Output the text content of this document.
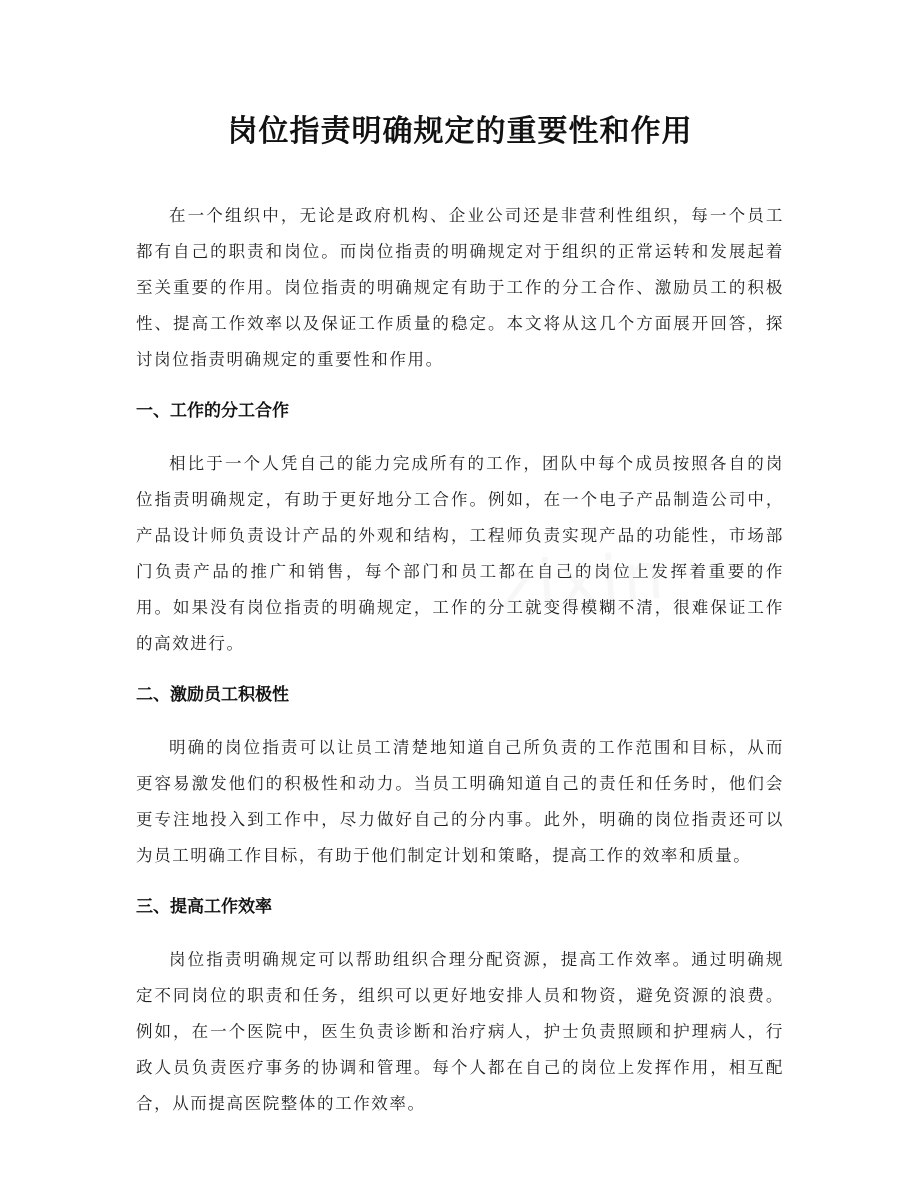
岗位指责明确规定的重要性和作用

在一个组织中，无论是政府机构、企业公司还是非营利性组织，每一个员工都有自己的职责和岗位。而岗位指责的明确规定对于组织的正常运转和发展起着至关重要的作用。岗位指责的明确规定有助于工作的分工合作、激励员工的积极性、提高工作效率以及保证工作质量的稳定。本文将从这几个方面展开回答，探讨岗位指责明确规定的重要性和作用。

一、工作的分工合作

相比于一个人凭自己的能力完成所有的工作，团队中每个成员按照各自的岗位指责明确规定，有助于更好地分工合作。例如，在一个电子产品制造公司中，产品设计师负责设计产品的外观和结构，工程师负责实现产品的功能性，市场部门负责产品的推广和销售，每个部门和员工都在自己的岗位上发挥着重要的作用。如果没有岗位指责的明确规定，工作的分工就变得模糊不清，很难保证工作的高效进行。

二、激励员工积极性

明确的岗位指责可以让员工清楚地知道自己所负责的工作范围和目标，从而更容易激发他们的积极性和动力。当员工明确知道自己的责任和任务时，他们会更专注地投入到工作中，尽力做好自己的分内事。此外，明确的岗位指责还可以为员工明确工作目标，有助于他们制定计划和策略，提高工作的效率和质量。

三、提高工作效率

岗位指责明确规定可以帮助组织合理分配资源，提高工作效率。通过明确规定不同岗位的职责和任务，组织可以更好地安排人员和物资，避免资源的浪费。例如，在一个医院中，医生负责诊断和治疗病人，护士负责照顾和护理病人，行政人员负责医疗事务的协调和管理。每个人都在自己的岗位上发挥作用，相互配合，从而提高医院整体的工作效率。

zixin
